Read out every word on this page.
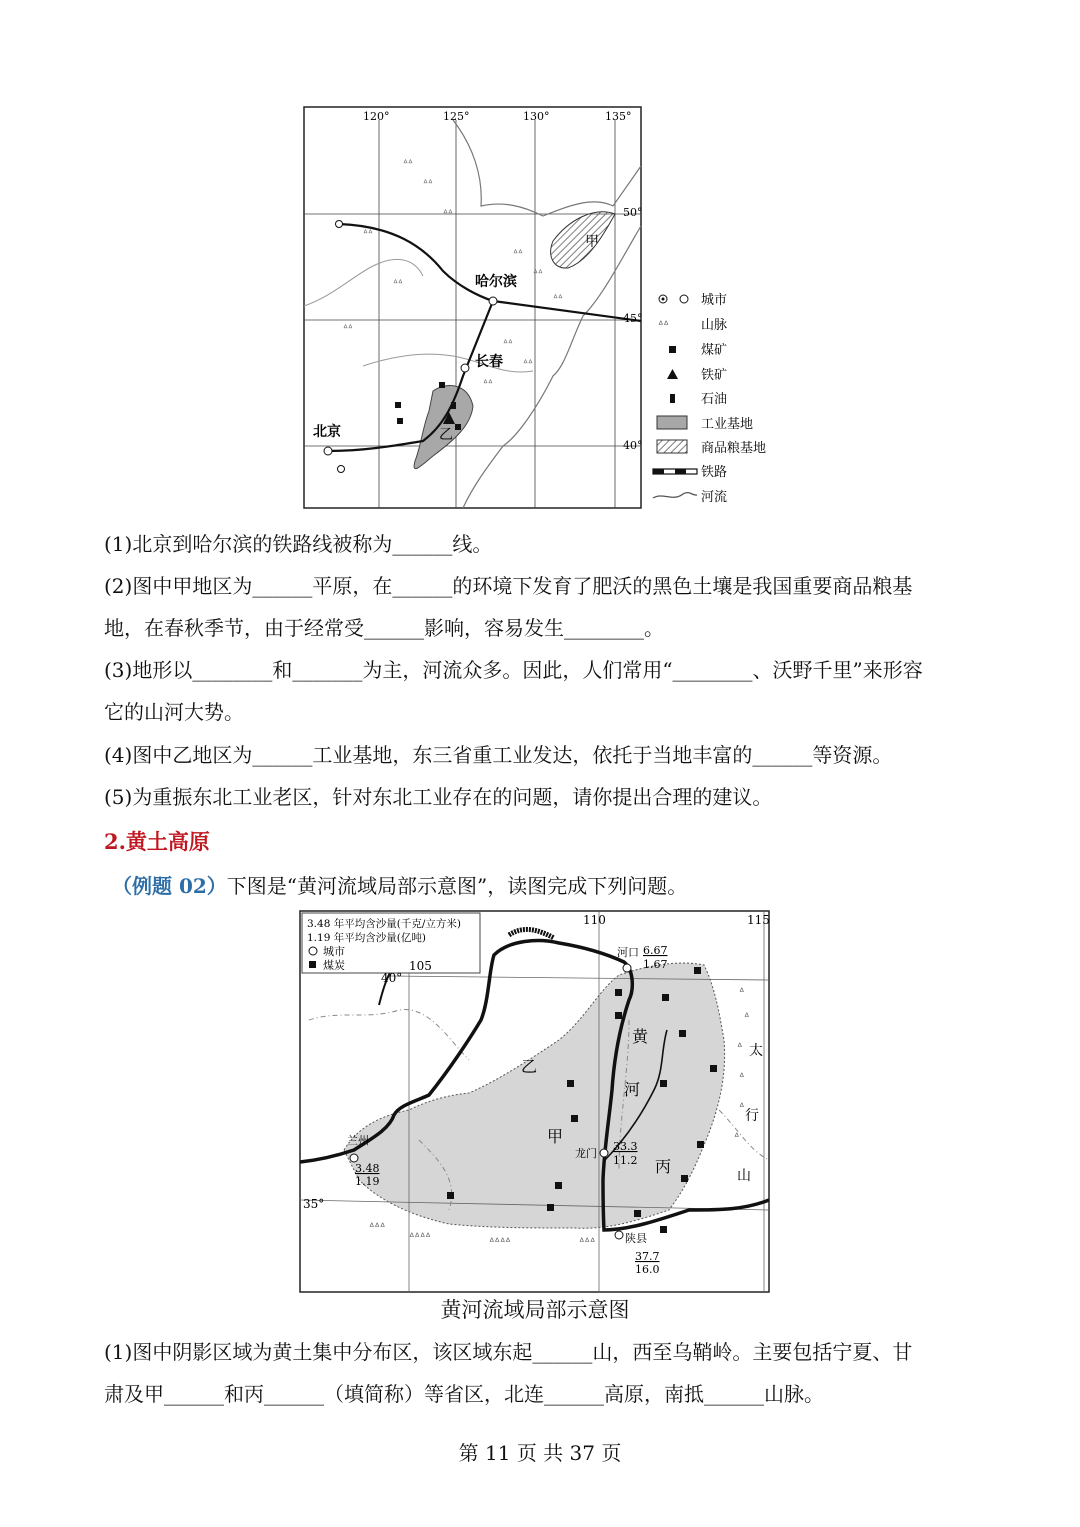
ᐞᐞ
ᐞᐞ
ᐞᐞ
ᐞᐞ
ᐞᐞ
ᐞᐞ
ᐞᐞ
ᐞᐞ
ᐞᐞ
ᐞᐞ
ᐞᐞ
ᐞᐞ
120°	125°	130°	135°
50°
45°
40°
哈尔滨
长春
北京
甲
乙
城市
ᐞᐞ 山脉
煤矿
铁矿
石油
工业基地
商品粮基地
铁路
河流
(1)北京到哈尔滨的铁路线被称为______线。
(2)图中甲地区为______平原，在______的环境下发育了肥沃的黑色土壤是我国重要商品粮基
地，在春秋季节，由于经常受______影响，容易发生________。
(3)地形以________和_______为主，河流众多。因此，人们常用“________、沃野千里”来形容
它的山河大势。
(4)图中乙地区为______工业基地，东三省重工业发达，依托于当地丰富的______等资源。
(5)为重振东北工业老区，针对东北工业存在的问题，请你提出合理的建议。
2.黄土高原
（例题 02）下图是“黄河流域局部示意图”，读图完成下列问题。
ᐞ
ᐞ
ᐞ
ᐞ
ᐞ
ᐞ
ᐞᐞᐞᐞ	ᐞᐞᐞᐞ	ᐞᐞᐞ
ᐞᐞᐞ
3.48 年平均含沙量(千克/立方米)
1.19 年平均含沙量(亿吨)
城市
煤炭
110
105
115
40°
35°
河口 6.67
1.67
龙门
33.3
11.2
兰州
3.48
1.19
陕县
37.7
16.0
乙
甲
丙
黄
河
太
行
山
黄河流域局部示意图
(1)图中阴影区域为黄土集中分布区，该区域东起______山，西至乌鞘岭。主要包括宁夏、甘
肃及甲______和丙______（填简称）等省区，北连______高原，南抵______山脉。
第 11 页 共 37 页
